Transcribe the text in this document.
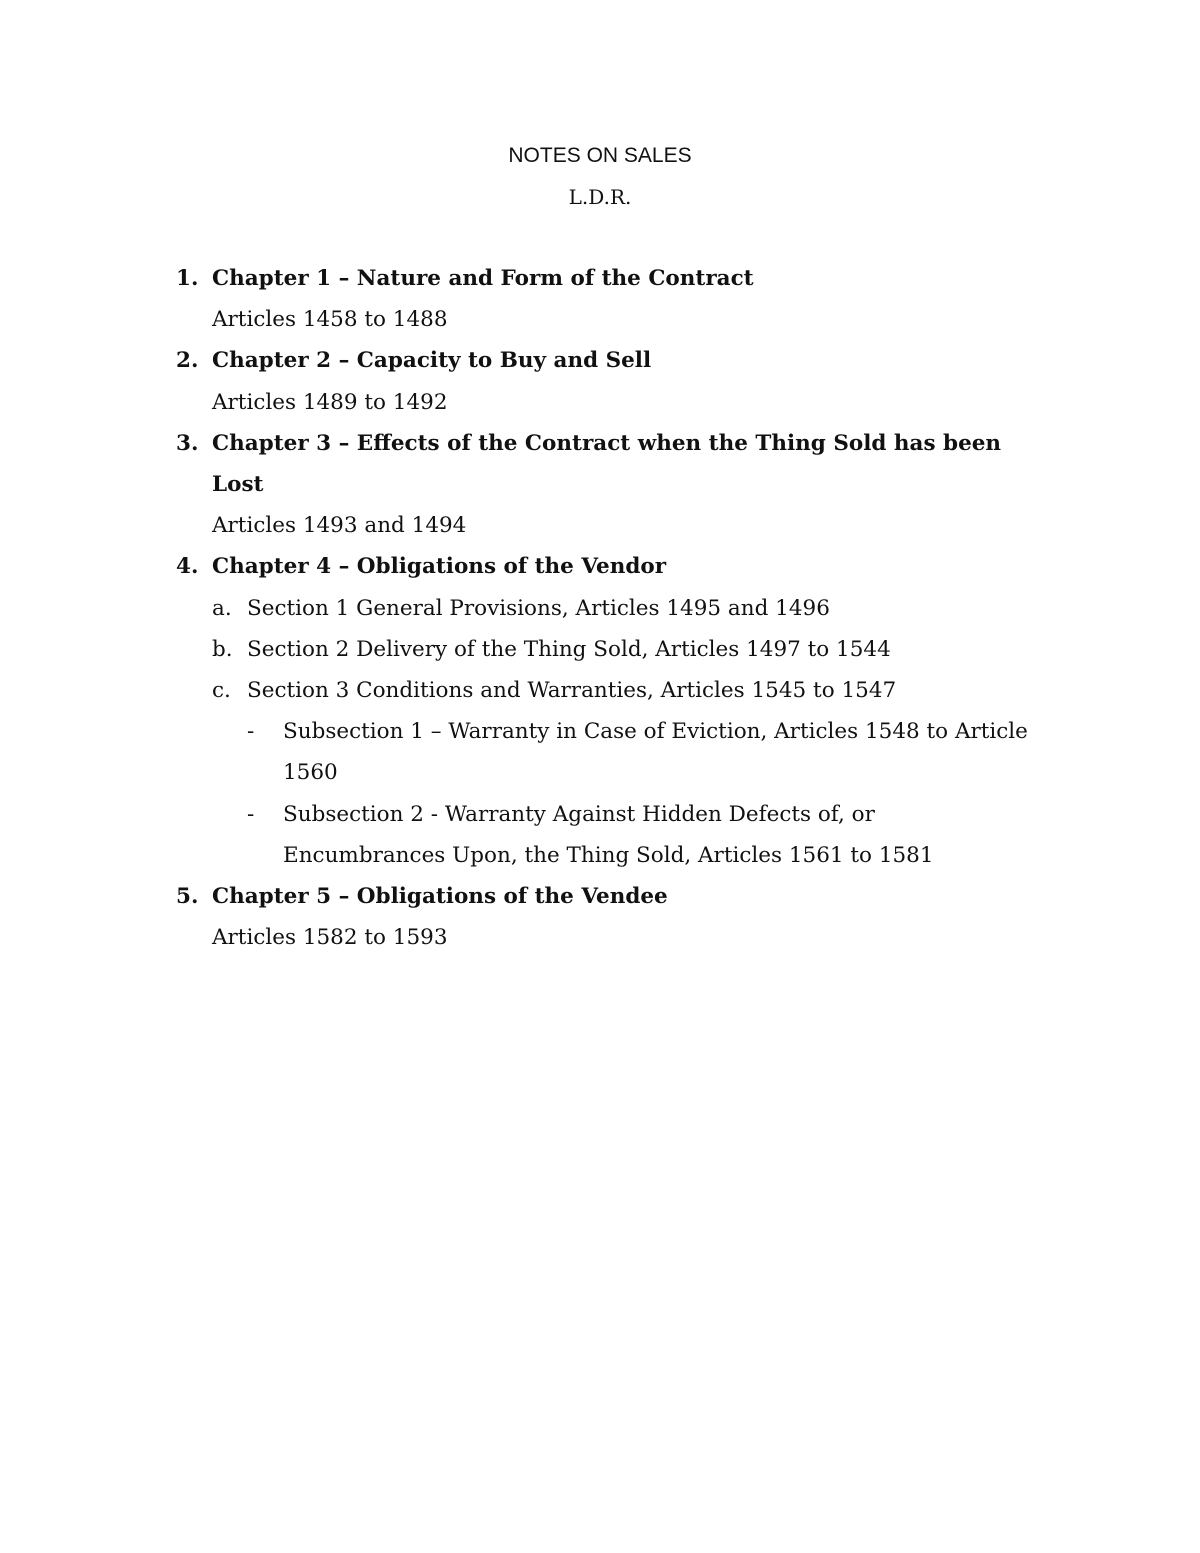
NOTES ON SALES
L.D.R.
1. Chapter 1 – Nature and Form of the Contract
Articles 1458 to 1488
2. Chapter 2 – Capacity to Buy and Sell
Articles 1489 to 1492
3. Chapter 3 – Effects of the Contract when the Thing Sold has been Lost
Articles 1493 and 1494
4. Chapter 4 – Obligations of the Vendor
a. Section 1 General Provisions, Articles 1495 and 1496
b. Section 2 Delivery of the Thing Sold, Articles 1497 to 1544
c. Section 3 Conditions and Warranties, Articles 1545 to 1547
-	Subsection 1 – Warranty in Case of Eviction, Articles 1548 to Article 1560
-	Subsection 2 - Warranty Against Hidden Defects of, or Encumbrances Upon, the Thing Sold, Articles 1561 to 1581
5. Chapter 5 – Obligations of the Vendee
Articles 1582 to 1593
